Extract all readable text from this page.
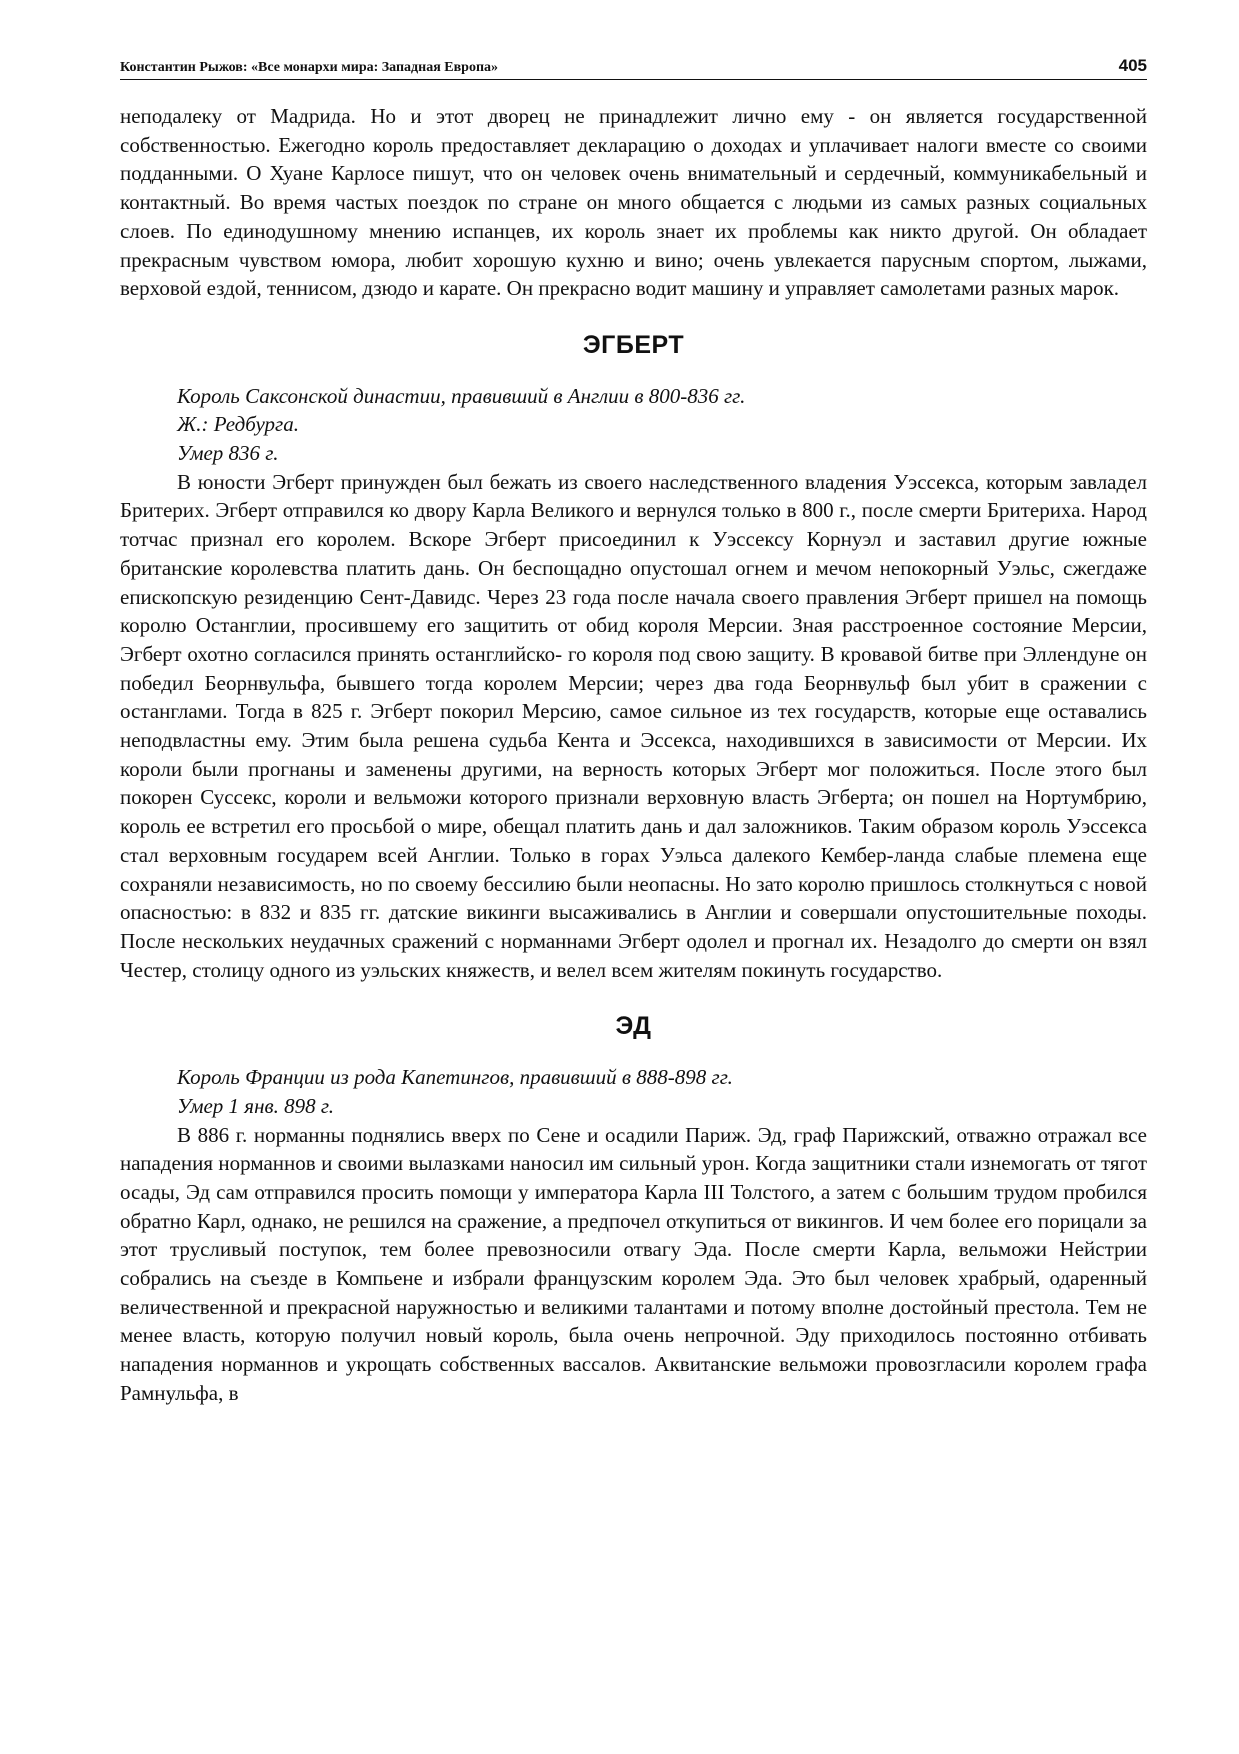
Константин Рыжов: «Все монархи мира: Западная Европа»	405

неподалеку от Мадрида. Но и этот дворец не принадлежит лично ему - он является государственной собственностью. Ежегодно король предоставляет декларацию о доходах и уплачивает налоги вместе со своими подданными. О Хуане Карлосе пишут, что он человек очень внимательный и сердечный, коммуникабельный и контактный. Во время частых поездок по стране он много общается с людьми из самых разных социальных слоев. По единодушному мнению испанцев, их король знает их проблемы как никто другой. Он обладает прекрасным чувством юмора, любит хорошую кухню и вино; очень увлекается парусным спортом, лыжами, верховой ездой, теннисом, дзюдо и карате. Он прекрасно водит машину и управляет самолетами разных марок.

ЭГБЕРТ

Король Саксонской династии, правивший в Англии в 800-836 гг.

Ж.: Редбурга.

Умер 836 г.

В юности Эгберт принужден был бежать из своего наследственного владения Уэссекса, которым завладел Бритерих. Эгберт отправился ко двору Карла Великого и вернулся только в 800 г., после смерти Бритериха. Народ тотчас признал его королем. Вскоре Эгберт присоединил к Уэссексу Корнуэл и заставил другие южные британские королевства платить дань. Он беспощадно опустошал огнем и мечом непокорный Уэльс, сжегдаже епископскую резиденцию Сент-Давидс. Через 23 года после начала своего правления Эгберт пришел на помощь королю Останглии, просившему его защитить от обид короля Мерсии. Зная расстроенное состояние Мерсии, Эгберт охотно согласился принять останглийско- го короля под свою защиту. В кровавой битве при Эллендуне он победил Беорнвульфа, бывшего тогда королем Мерсии; через два года Беорнвульф был убит в сражении с останглами. Тогда в 825 г. Эгберт покорил Мерсию, самое сильное из тех государств, которые еще оставались неподвластны ему. Этим была решена судьба Кента и Эссекса, находившихся в зависимости от Мерсии. Их короли были прогнаны и заменены другими, на верность которых Эгберт мог положиться. После этого был покорен Суссекс, короли и вельможи которого признали верховную власть Эгберта; он пошел на Нортумбрию, король ее встретил его просьбой о мире, обещал платить дань и дал заложников. Таким образом король Уэссекса стал верховным государем всей Англии. Только в горах Уэльса далекого Кембер-ланда слабые племена еще сохраняли независимость, но по своему бессилию были неопасны. Но зато королю пришлось столкнуться с новой опасностью: в 832 и 835 гг. датские викинги высаживались в Англии и совершали опустошительные походы. После нескольких неудачных сражений с норманнами Эгберт одолел и прогнал их. Незадолго до смерти он взял Честер, столицу одного из уэльских княжеств, и велел всем жителям покинуть государство.

ЭД

Король Франции из рода Капетингов, правивший в 888-898 гг.

Умер 1 янв. 898 г.

В 886 г. норманны поднялись вверх по Сене и осадили Париж. Эд, граф Парижский, отважно отражал все нападения норманнов и своими вылазками наносил им сильный урон. Когда защитники стали изнемогать от тягот осады, Эд сам отправился просить помощи у императора Карла III Толстого, а затем с большим трудом пробился обратно Карл, однако, не решился на сражение, а предпочел откупиться от викингов. И чем более его порицали за этот трусливый поступок, тем более превозносили отвагу Эда. После смерти Карла, вельможи Нейстрии собрались на съезде в Компьене и избрали французским королем Эда. Это был человек храбрый, одаренный величественной и прекрасной наружностью и великими талантами и потому вполне достойный престола. Тем не менее власть, которую получил новый король, была очень непрочной. Эду приходилось постоянно отбивать нападения норманнов и укрощать собственных вассалов. Аквитанские вельможи провозгласили королем графа Рамнульфа, в
